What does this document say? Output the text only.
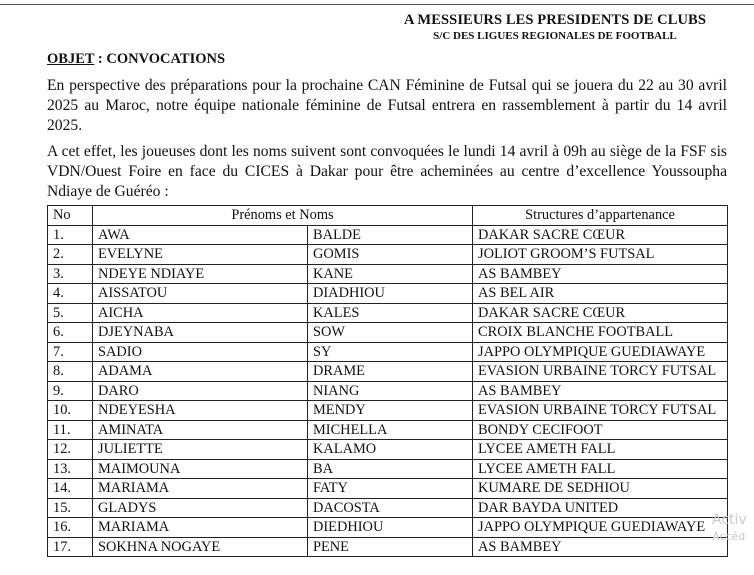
A MESSIEURS LES PRESIDENTS DE CLUBS
S/C DES LIGUES REGIONALES DE FOOTBALL
OBJET : CONVOCATIONS
En perspective des préparations pour la prochaine CAN Féminine de Futsal qui se jouera du 22 au 30 avril 2025 au Maroc, notre équipe nationale féminine de Futsal entrera en rassemblement à partir du 14 avril 2025.
A cet effet, les joueuses dont les noms suivent sont convoquées le lundi 14 avril à 09h au siège de la FSF sis VDN/Ouest Foire en face du CICES à Dakar pour être acheminées au centre d’excellence Youssoupha Ndiaye de Guéréo :
No	Prénoms et Noms		Structures d’appartenance
1.	AWA	BALDE	DAKAR SACRE CŒUR
2.	EVELYNE	GOMIS	JOLIOT GROOM’S FUTSAL
3.	NDEYE NDIAYE	KANE	AS BAMBEY
4.	AISSATOU	DIADHIOU	AS BEL AIR
5.	AICHA	KALES	DAKAR SACRE CŒUR
6.	DJEYNABA	SOW	CROIX BLANCHE FOOTBALL
7.	SADIO	SY	JAPPO OLYMPIQUE GUEDIAWAYE
8.	ADAMA	DRAME	EVASION URBAINE TORCY FUTSAL
9.	DARO	NIANG	AS BAMBEY
10.	NDEYESHA	MENDY	EVASION URBAINE TORCY FUTSAL
11.	AMINATA	MICHELLA	BONDY CECIFOOT
12.	JULIETTE	KALAMO	LYCEE AMETH FALL
13.	MAIMOUNA	BA	LYCEE AMETH FALL
14.	MARIAMA	FATY	KUMARE DE SEDHIOU
15.	GLADYS	DACOSTA	DAR BAYDA UNITED
16.	MARIAMA	DIEDHIOU	JAPPO OLYMPIQUE GUEDIAWAYE
17.	SOKHNA NOGAYE	PENE	AS BAMBEY
Activ
Accéd
